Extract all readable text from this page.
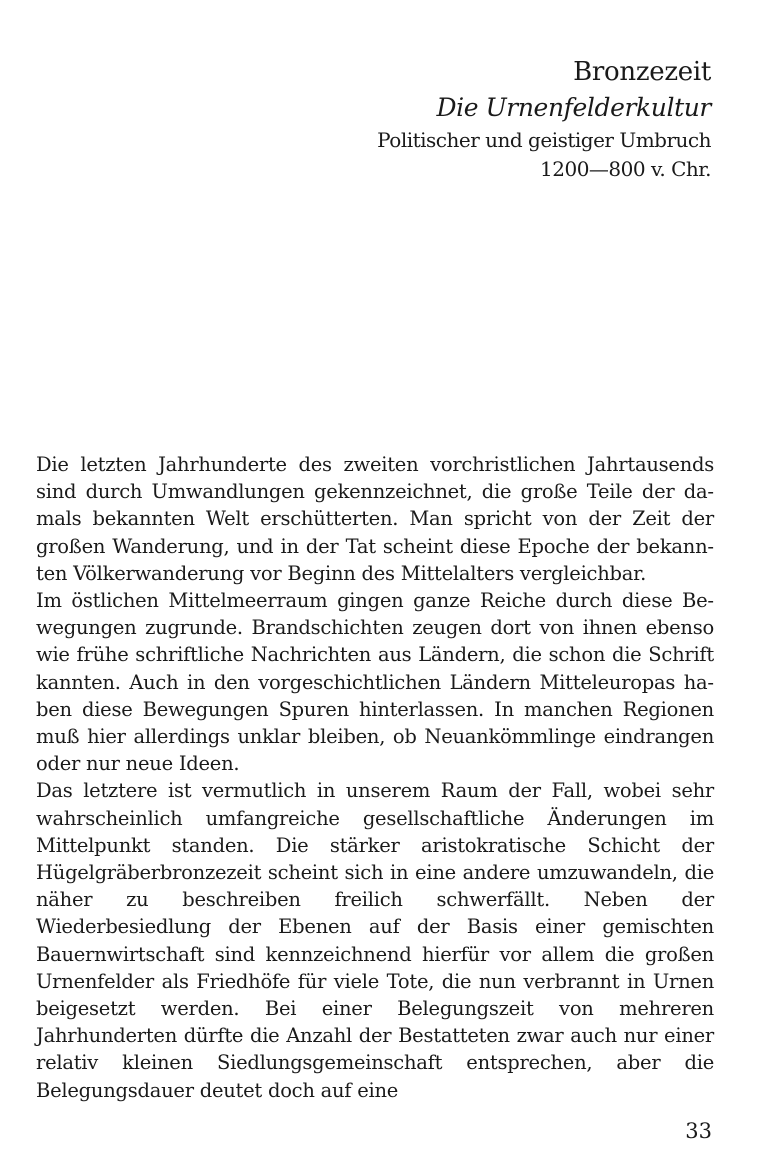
Bronzezeit
Die Urnenfelderkultur
Politischer und geistiger Umbruch
1200—800 v. Chr.

Die letzten Jahrhunderte des zweiten vorchristlichen Jahrtausends sind durch Umwandlungen gekennzeichnet, die große Teile der damals bekannten Welt erschütterten. Man spricht von der Zeit der großen Wanderung, und in der Tat scheint diese Epoche der bekannten Völkerwanderung vor Beginn des Mittelalters vergleichbar.

Im östlichen Mittelmeerraum gingen ganze Reiche durch diese Bewegungen zugrunde. Brandschichten zeugen dort von ihnen ebenso wie frühe schriftliche Nachrichten aus Ländern, die schon die Schrift kannten. Auch in den vorgeschichtlichen Ländern Mitteleuropas haben diese Bewegungen Spuren hinterlassen. In manchen Regionen muß hier allerdings unklar bleiben, ob Neuankömmlinge eindrangen oder nur neue Ideen.

Das letztere ist vermutlich in unserem Raum der Fall, wobei sehr wahrscheinlich umfangreiche gesellschaftliche Änderungen im Mittelpunkt standen. Die stärker aristokratische Schicht der Hügelgräberbronzezeit scheint sich in eine andere umzuwandeln, die näher zu beschreiben freilich schwerfällt. Neben der Wiederbesiedlung der Ebenen auf der Basis einer gemischten Bauernwirtschaft sind kennzeichnend hierfür vor allem die großen Urnenfelder als Friedhöfe für viele Tote, die nun verbrannt in Urnen beigesetzt werden. Bei einer Belegungszeit von mehreren Jahrhunderten dürfte die Anzahl der Bestatteten zwar auch nur einer relativ kleinen Siedlungsgemeinschaft entsprechen, aber die Belegungsdauer deutet doch auf eine

33
